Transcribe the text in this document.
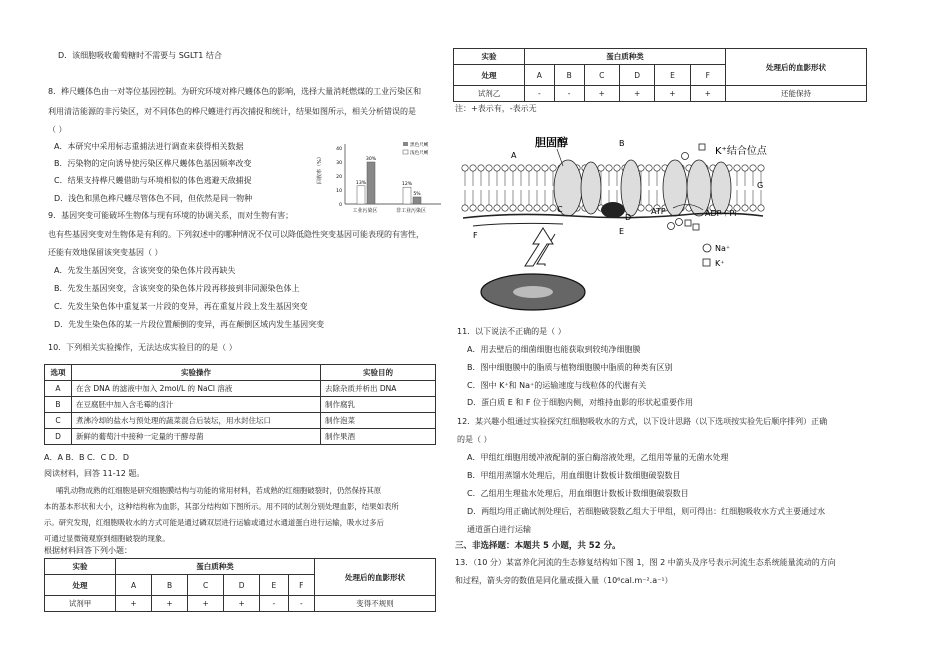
D．该细胞吸收葡萄糖时不需要与 SGLT1 结合
8．桦尺蠖体色由一对等位基因控制。为研究环境对桦尺蠖体色的影响，选择大量消耗燃煤的工业污染区和
利用清洁能源的非污染区，对不同体色的桦尺蠖进行再次捕捉和统计，结果如图所示，相关分析错误的是
（ ）
A．本研究中采用标志重捕法进行调查来获得相关数据
B．污染物的定向诱导使污染区桦尺蠖体色基因频率改变
C．结果支持桦尺蠖借助与环境相似的体色逃避天敌捕捉
D．浅色和黑色桦尺蠖尽管体色不同，但依然是同一物种
回收率（%）
0
10
20
30
40
13%
30%
12%
5%
工业污染区	非工业污染区
黑色尺蠖
浅色尺蠖
9．基因突变可能破坏生物体与现有环境的协调关系，而对生物有害；
也有些基因突变对生物体是有利的。下列叙述中的哪种情况不仅可以降低隐性突变基因可能表现的有害性，
还能有效地保留该突变基因（ ）
A．先发生基因突变，含该突变的染色体片段再缺失
B．先发生基因突变，含该突变的染色体片段再移接到非同源染色体上
C．先发生染色体中重复某一片段的变异，再在重复片段上发生基因突变
D．先发生染色体的某一片段位置颠倒的变异，再在颠倒区域内发生基因突变
10．下列相关实验操作，无法达成实验目的的是（ ）
选项	实验操作	实验目的
A	在含 DNA 的滤液中加入 2mol/L 的 NaCl 溶液	去除杂质并析出 DNA
B	在豆腐胚中加入含毛霉的卤汁	制作腐乳
C	煮沸冷却的盐水与预处理的蔬菜混合后装坛，用水封住坛口	制作泡菜
D	新鲜的葡萄汁中接种一定量的干酵母菌	制作果酒
A．A B．B C．C D．D
阅读材料，回答 11-12 题。
哺乳动物成熟的红细胞是研究细胞膜结构与功能的常用材料，若成熟的红细胞破裂时，仍然保持其原
本的基本形状和大小，这种结构称为血影，其部分结构如下图所示。用不同的试剂分别处理血影，结果如表所
示。研究发现，红细胞吸收水的方式可能是通过磷双层进行运输或通过水通道蛋白进行运输，吸水过多后
可通过显微镜观察到细胞破裂的现象。
根据材料回答下列小题：
实验	蛋白质种类						处理后的血影形状
处理	A	B	C	D	E	F	
试剂甲	+	+	+	+	-	-	变得不规则
实验	蛋白质种类						处理后的血影形状
处理	A	B	C	D	E	F	
试剂乙	-	-	+	+	+	+	还能保持
注：+表示有，-表示无
胆固醇
A
B
C
D
E
F
G
K⁺结合位点
ATP	ADP＋Pi
Na⁺
K⁺
11．以下说法不正确的是（ ）
A．用去壁后的细菌细胞也能获取到较纯净细胞膜
B．图中细胞膜中的脂质与植物细胞膜中脂质的种类有区别
C．图中 K⁺和 Na⁺的运输速度与线粒体的代谢有关
D．蛋白质 E 和 F 位于细胞内侧，对维持血影的形状起重要作用
12．某兴趣小组通过实验探究红细胞吸收水的方式，以下设计思路（以下选项按实验先后顺序排列）正确
的是（ ）
A．甲组红细胞用缓冲液配制的蛋白酶溶液处理，乙组用等量的无菌水处理
B．甲组用蒸馏水处理后，用血细胞计数板计数细胞破裂数目
C．乙组用生理盐水处理后，用血细胞计数板计数细胞破裂数目
D．两组均用正确试剂处理后，若细胞破裂数乙组大于甲组，则可得出：红细胞吸收水方式主要通过水
通道蛋白进行运输
三、非选择题：本题共 5 小题，共 52 分。
13．（10 分）某富养化河流的生态修复结构如下图 1，图 2 中箭头及序号表示河流生态系统能量流动的方向
和过程，箭头旁的数值是同化量或摄入量（10⁶cal.m⁻².a⁻¹）
